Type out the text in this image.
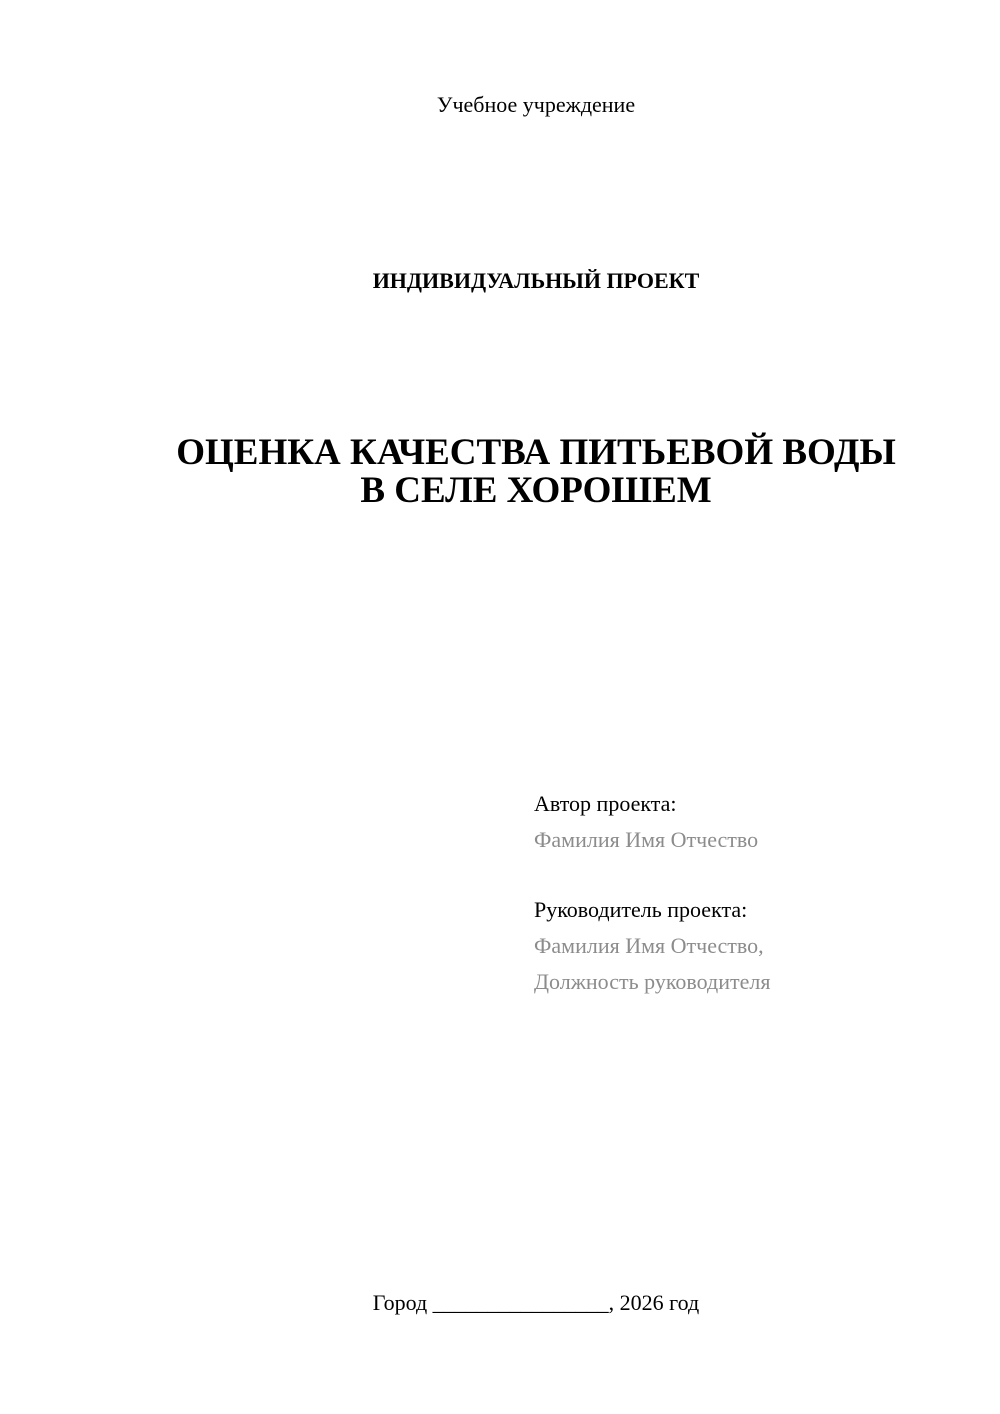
Учебное учреждение
ИНДИВИДУАЛЬНЫЙ ПРОЕКТ
ОЦЕНКА КАЧЕСТВА ПИТЬЕВОЙ ВОДЫ
В СЕЛЕ ХОРОШЕМ
Автор проекта:
Фамилия Имя Отчество
Руководитель проекта:
Фамилия Имя Отчество,
Должность руководителя
Город ________________, 2026 год
